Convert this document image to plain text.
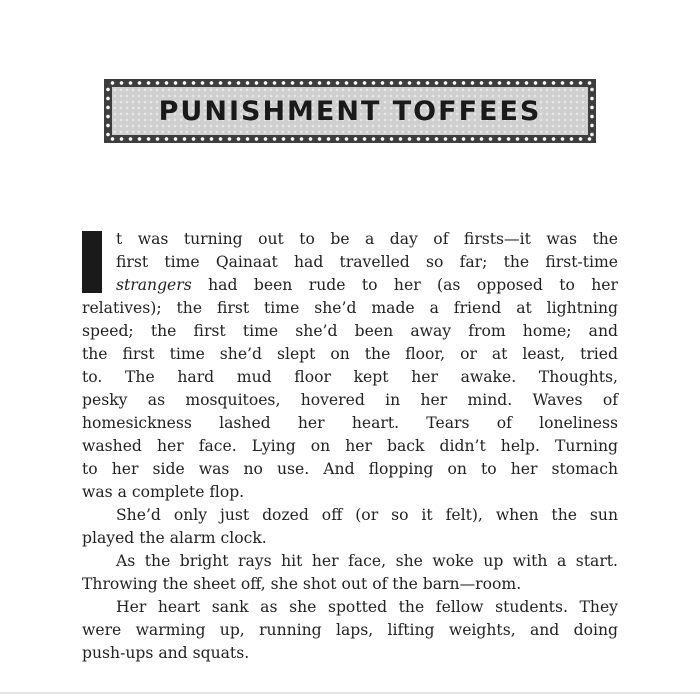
PUNISHMENT TOFFEES
t was turning out to be a day of firsts—it was the
first time Qainaat had travelled so far; the first-time
strangers had been rude to her (as opposed to her
relatives); the first time she’d made a friend at lightning
speed; the first time she’d been away from home; and
the first time she’d slept on the floor, or at least, tried
to. The hard mud floor kept her awake. Thoughts,
pesky as mosquitoes, hovered in her mind. Waves of
homesickness lashed her heart. Tears of loneliness
washed her face. Lying on her back didn’t help. Turning
to her side was no use. And flopping on to her stomach
was a complete flop.
She’d only just dozed off (or so it felt), when the sun
played the alarm clock.
As the bright rays hit her face, she woke up with a start.
Throwing the sheet off, she shot out of the barn—room.
Her heart sank as she spotted the fellow students. They
were warming up, running laps, lifting weights, and doing
push-ups and squats.
